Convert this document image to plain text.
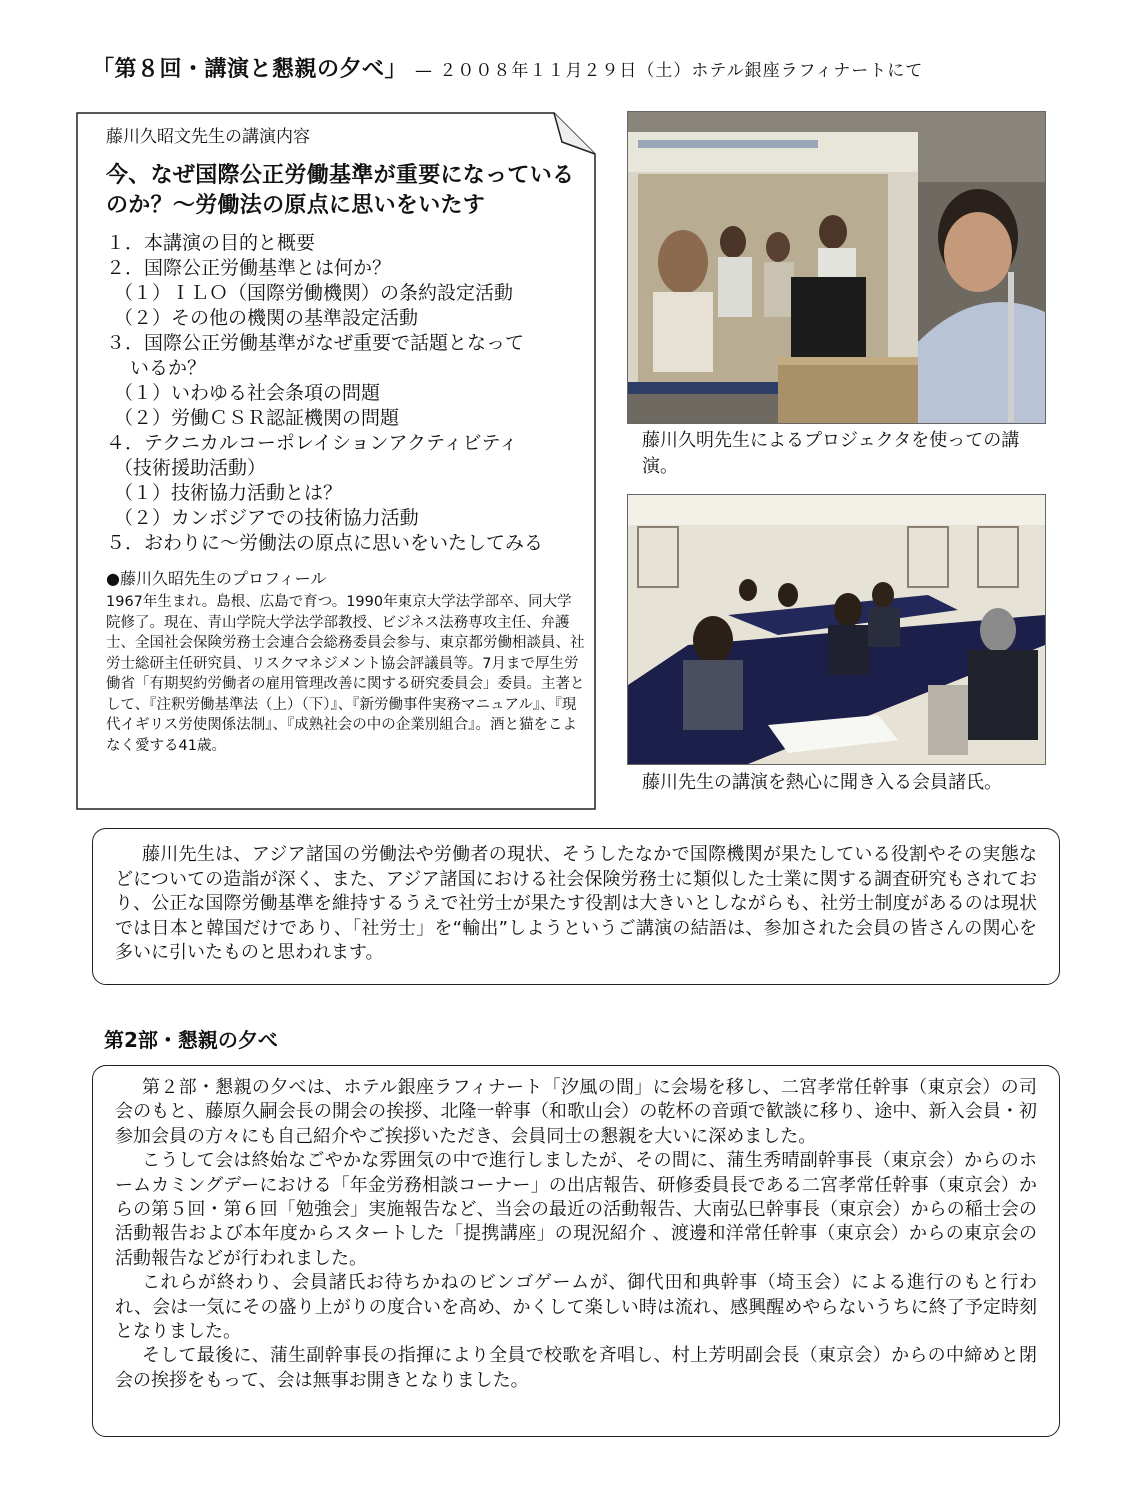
「第８回・講演と懇親の夕べ」 — ２００８年１１月２９日（土）ホテル銀座ラフィナートにて

藤川久昭文先生の講演内容

今、なぜ国際公正労働基準が重要になっているのか？～労働法の原点に思いをいたす

１．本講演の目的と概要
２．国際公正労働基準とは何か？
（１）ＩＬＯ（国際労働機関）の条約設定活動
（２）その他の機関の基準設定活動
３．国際公正労働基準がなぜ重要で話題となって
いるか？
（１）いわゆる社会条項の問題
（２）労働ＣＳＲ認証機関の問題
４．テクニカルコーポレイションアクティビティ
（技術援助活動）
（１）技術協力活動とは？
（２）カンボジアでの技術協力活動
５．おわりに～労働法の原点に思いをいたしてみる
●藤川久昭先生のプロフィール

1967年生まれ。島根、広島で育つ。1990年東京大学法学部卒、同大学院修了。現在、青山学院大学法学部教授、ビジネス法務専攻主任、弁護士、全国社会保険労務士会連合会総務委員会参与、東京都労働相談員、社労士総研主任研究員、リスクマネジメント協会評議員等。7月まで厚生労働省「有期契約労働者の雇用管理改善に関する研究委員会」委員。主著として、『注釈労働基準法（上）（下）』、『新労働事件実務マニュアル』、『現代イギリス労使関係法制』、『成熟社会の中の企業別組合』。酒と猫をこよなく愛する41歳。

藤川久明先生によるプロジェクタを使っての講演。
藤川先生の講演を熱心に聞き入る会員諸氏。

藤川先生は、アジア諸国の労働法や労働者の現状、そうしたなかで国際機関が果たしている役割やその実態などについての造詣が深く、また、アジア諸国における社会保険労務士に類似した士業に関する調査研究もされており、公正な国際労働基準を維持するうえで社労士が果たす役割は大きいとしながらも、社労士制度があるのは現状では日本と韓国だけであり、「社労士」を“輸出”しようというご講演の結語は、参加された会員の皆さんの関心を多いに引いたものと思われます。

第2部・懇親の夕べ

第２部・懇親の夕べは、ホテル銀座ラフィナート「汐風の間」に会場を移し、二宮孝常任幹事（東京会）の司会のもと、藤原久嗣会長の開会の挨拶、北隆一幹事（和歌山会）の乾杯の音頭で歓談に移り、途中、新入会員・初参加会員の方々にも自己紹介やご挨拶いただき、会員同士の懇親を大いに深めました。

こうして会は終始なごやかな雰囲気の中で進行しましたが、その間に、蒲生秀晴副幹事長（東京会）からのホームカミングデーにおける「年金労務相談コーナー」の出店報告、研修委員長である二宮孝常任幹事（東京会）からの第５回・第６回「勉強会」実施報告など、当会の最近の活動報告、大南弘巳幹事長（東京会）からの稲士会の活動報告および本年度からスタートした「提携講座」の現況紹介 、渡邊和洋常任幹事（東京会）からの東京会の活動報告などが行われました。

これらが終わり、会員諸氏お待ちかねのビンゴゲームが、御代田和典幹事（埼玉会）による進行のもと行われ、会は一気にその盛り上がりの度合いを高め、かくして楽しい時は流れ、感興醒めやらないうちに終了予定時刻となりました。

そして最後に、蒲生副幹事長の指揮により全員で校歌を斉唱し、村上芳明副会長（東京会）からの中締めと閉会の挨拶をもって、会は無事お開きとなりました。
